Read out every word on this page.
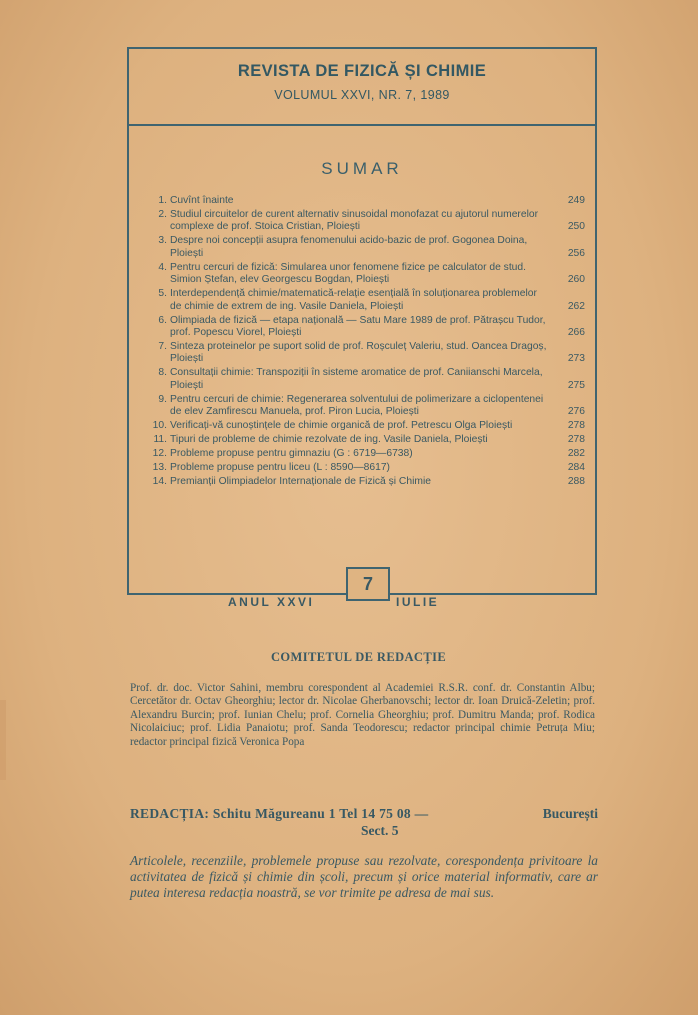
REVISTA DE FIZICĂ ȘI CHIMIE
VOLUMUL XXVI, NR. 7, 1989
SUMAR
1. Cuvînt înainte	249
2. Studiul circuitelor de curent alternativ sinusoidal monofazat cu ajutorul numerelor complexe de prof. Stoica Cristian, Ploiești	250
3. Despre noi concepții asupra fenomenului acido-bazic de prof. Gogonea Doina, Ploiești	256
4. Pentru cercuri de fizică: Simularea unor fenomene fizice pe calculator de stud. Simion Ștefan, elev Georgescu Bogdan, Ploiești	260
5. Interdependență chimie/matematică-relație esențială în soluționarea problemelor de chimie de extrem de ing. Vasile Daniela, Ploiești	262
6. Olimpiada de fizică — etapa națională — Satu Mare 1989 de prof. Pătrașcu Tudor, prof. Popescu Viorel, Ploiești	266
7. Sinteza proteinelor pe suport solid de prof. Roșculeț Valeriu, stud. Oancea Dragoș, Ploiești	273
8. Consultații chimie: Transpoziții în sisteme aromatice de prof. Caniianschi Marcela, Ploiești	275
9. Pentru cercuri de chimie: Regenerarea solventului de polimerizare a ciclopentenei de elev Zamfirescu Manuela, prof. Piron Lucia, Ploiești	276
10. Verificați-vă cunoștințele de chimie organică de prof. Petrescu Olga Ploiești	278
11. Tipuri de probleme de chimie rezolvate de ing. Vasile Daniela, Ploiești	278
12. Probleme propuse pentru gimnaziu (G : 6719—6738)	282
13. Probleme propuse pentru liceu (L : 8590—8617)	284
14. Premianții Olimpiadelor Internaționale de Fizică și Chimie	288
ANUL XXVI
7
IULIE
COMITETUL DE REDACȚIE
Prof. dr. doc. Victor Sahini, membru corespondent al Academiei R.S.R. conf. dr. Constantin Albu; Cercetător dr. Octav Gheorghiu; lector dr. Nicolae Gherbanovschi; lector dr. Ioan Druică-Zeletin; prof. Alexandru Burcin; prof. Iunian Chelu; prof. Cornelia Gheorghiu; prof. Dumitru Manda; prof. Rodica Nicolaiciuc; prof. Lidia Panaiotu; prof. Sanda Teodorescu; redactor principal chimie Petruța Miu; redactor principal fizică Veronica Popa
REDACȚIA: Schitu Măgureanu 1 Tel 14 75 08 —	București
Sect. 5
Articolele, recenziile, problemele propuse sau rezolvate, corespondența privitoare la activitatea de fizică și chimie din școli, precum și orice material informativ, care ar putea interesa redacția noastră, se vor trimite pe adresa de mai sus.
